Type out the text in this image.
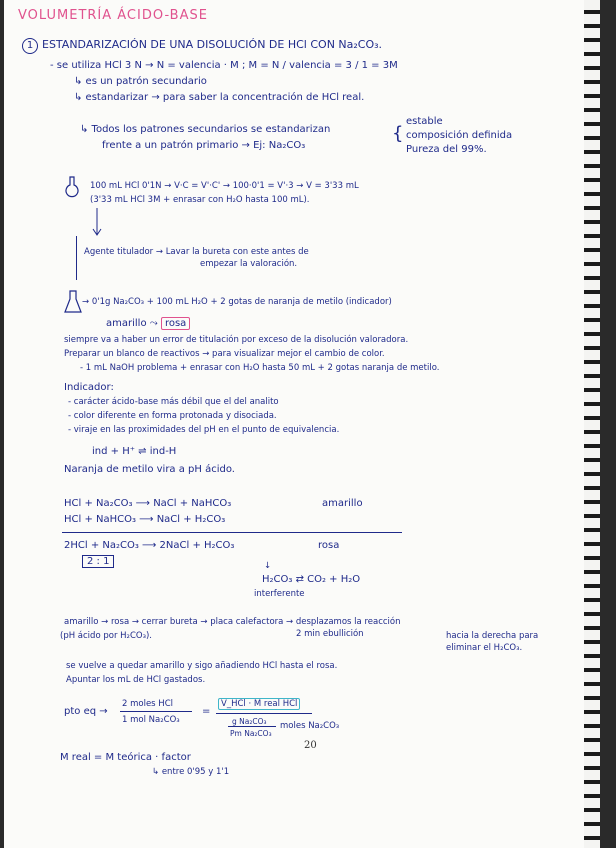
VOLUMETRÍA ÁCIDO-BASE
1 ESTANDARIZACIÓN DE UNA DISOLUCIÓN DE HCl CON Na₂CO₃.
- se utiliza HCl 3 N → N = valencia · M ; M = N / valencia = 3 / 1 = 3M
↳ es un patrón secundario
↳ estandarizar → para saber la concentración de HCl real.
↳ Todos los patrones secundarios se estandarizan
frente a un patrón primario → Ej: Na₂CO₃
{
estable
composición definida
Pureza del 99%.
100 mL HCl 0'1N → V·C = V'·C' → 100·0'1 = V'·3 → V = 3'33 mL
(3'33 mL HCl 3M + enrasar con H₂O hasta 100 mL).
Agente titulador → Lavar la bureta con este antes de
empezar la valoración.
→ 0'1g Na₂CO₃ + 100 mL H₂O + 2 gotas de naranja de metilo (indicador)
amarillo ⤳ rosa
siempre va a haber un error de titulación por exceso de la disolución valoradora.
Preparar un blanco de reactivos → para visualizar mejor el cambio de color.
- 1 mL NaOH problema + enrasar con H₂O hasta 50 mL + 2 gotas naranja de metilo.
Indicador:
- carácter ácido-base más débil que el del analito
- color diferente en forma protonada y disociada.
- viraje en las proximidades del pH en el punto de equivalencia.
ind + H⁺ ⇌ ind-H
Naranja de metilo vira a pH ácido.
HCl + Na₂CO₃ ⟶ NaCl + NaHCO₃	amarillo
HCl + NaHCO₃ ⟶ NaCl + H₂CO₃
2HCl + Na₂CO₃ ⟶ 2NaCl + H₂CO₃	rosa
2 : 1	↓
H₂CO₃ ⇄ CO₂ + H₂O
interferente
amarillo → rosa → cerrar bureta → placa calefactora → desplazamos la reacción
2 min ebullición
(pH ácido por H₂CO₃).	hacia la derecha para
eliminar el H₂CO₃.
se vuelve a quedar amarillo y sigo añadiendo HCl hasta el rosa.
Apuntar los mL de HCl gastados.
pto eq →
2 moles HCl
1 mol Na₂CO₃
=
V_HCl · M real HCl
g Na₂CO₃
Pm Na₂CO₃
moles Na₂CO₃
20
M real = M teórica · factor
↳ entre 0'95 y 1'1
